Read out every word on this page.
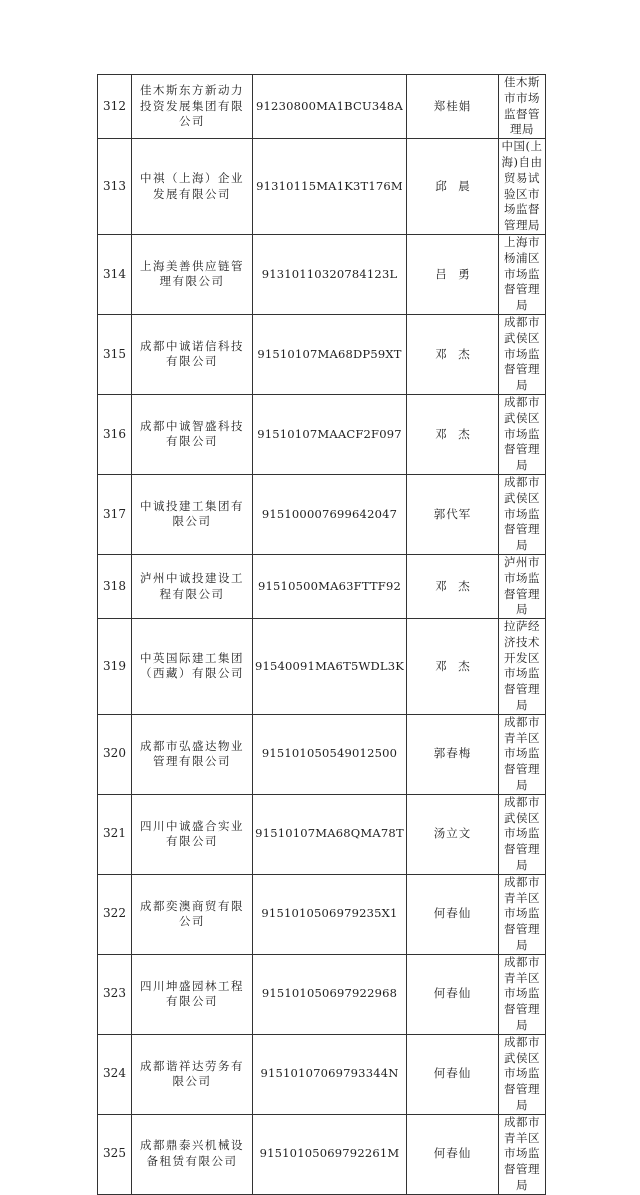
312	佳木斯东方新动力投资发展集团有限公司	91230800MA1BCU348A	郑桂娟	佳木斯市市场监督管理局
313	中祺（上海）企业发展有限公司	91310115MA1K3T176M	邱晨	中国(上海)自由贸易试验区市场监督管理局
314	上海美善供应链管理有限公司	91310110320784123L	吕勇	上海市杨浦区市场监督管理局
315	成都中诚诺信科技有限公司	91510107MA68DP59XT	邓杰	成都市武侯区市场监督管理局
316	成都中诚智盛科技有限公司	91510107MAACF2F097	邓杰	成都市武侯区市场监督管理局
317	中诚投建工集团有限公司	915100007699642047	郭代军	成都市武侯区市场监督管理局
318	泸州中诚投建设工程有限公司	91510500MA63FTTF92	邓杰	泸州市市场监督管理局
319	中英国际建工集团（西藏）有限公司	91540091MA6T5WDL3K	邓杰	拉萨经济技术开发区市场监督管理局
320	成都市弘盛达物业管理有限公司	915101050549012500	郭春梅	成都市青羊区市场监督管理局
321	四川中诚盛合实业有限公司	91510107MA68QMA78T	汤立文	成都市武侯区市场监督管理局
322	成都奕澳商贸有限公司	915101050697923​5X1	何春仙	成都市青羊区市场监督管理局
323	四川坤盛园林工程有限公司	91510105069792296​8	何春仙	成都市青羊区市场监督管理局
324	成都谐祥达劳务有限公司	91510107069793344N	何春仙	成都市武侯区市场监督管理局
325	成都鼎泰兴机械设备租赁有限公司	91510105069792261M	何春仙	成都市青羊区市场监督管理局
